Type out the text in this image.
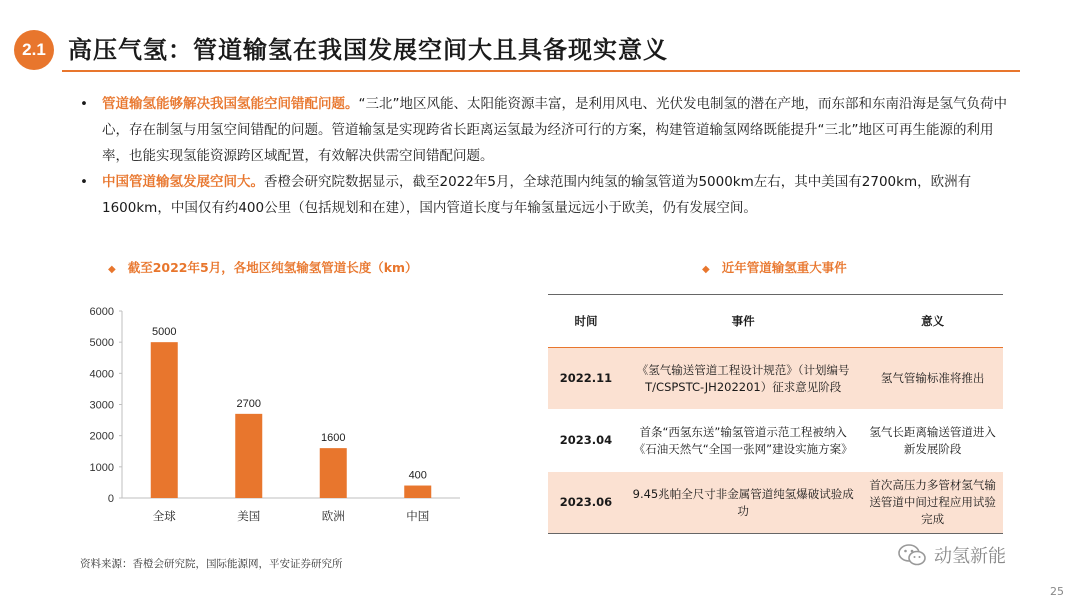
2.1 高压气氢：管道输氢在我国发展空间大且具备现实意义
• 管道输氢能够解决我国氢能空间错配问题。“三北”地区风能、太阳能资源丰富，是利用风电、光伏发电制氢的潜在产地，而东部和东南沿海是氢气负荷中心，存在制氢与用氢空间错配的问题。管道输氢是实现跨省长距离运氢最为经济可行的方案，构建管道输氢网络既能提升“三北”地区可再生能源的利用率，也能实现氢能资源跨区域配置，有效解决供需空间错配问题。
• 中国管道输氢发展空间大。香橙会研究院数据显示，截至2022年5月，全球范围内纯氢的输氢管道为5000km左右，其中美国有2700km，欧洲有1600km，中国仅有约400公里（包括规划和在建），国内管道长度与年输氢量远远小于欧美，仍有发展空间。
◆ 截至2022年5月，各地区纯氢输氢管道长度（km）
0
1000
2000
3000
4000
5000
6000
5000
全球
2700
美国
1600
欧洲
400
中国
◆ 近年管道输氢重大事件
时间	事件	意义
2022.11	《氢气输送管道工程设计规范》（计划编号T/CSPSTC-JH202201）征求意见阶段	氢气管输标准将推出
2023.04	首条“西氢东送”输氢管道示范工程被纳入《石油天然气“全国一张网”建设实施方案》	氢气长距离输送管道进入新发展阶段
2023.06	9.45兆帕全尺寸非金属管道纯氢爆破试验成功	首次高压力多管材氢气输送管道中间过程应用试验完成
资料来源：香橙会研究院，国际能源网，平安证券研究所	动氢新能
25
